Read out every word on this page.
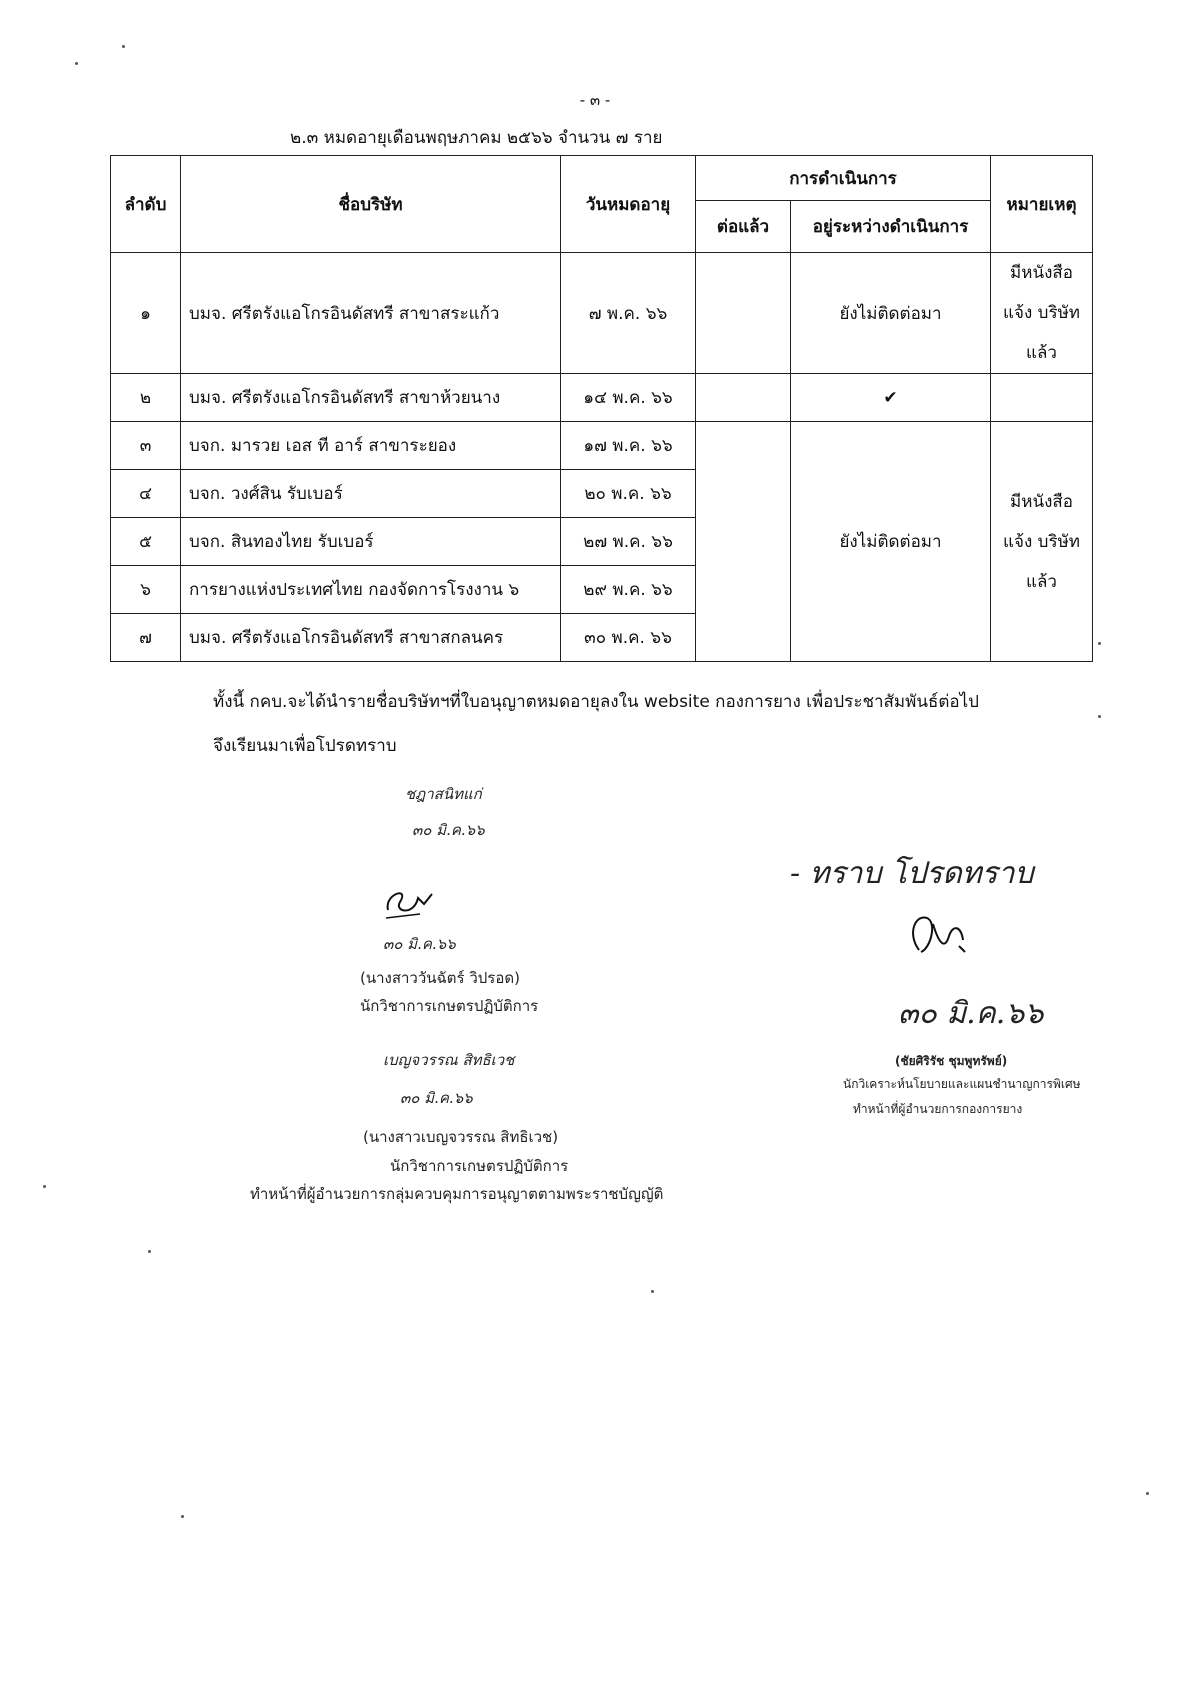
- ๓ -
๒.๓ หมดอายุเดือนพฤษภาคม ๒๕๖๖ จำนวน ๗ ราย
ลำดับ	ชื่อบริษัท	วันหมดอายุ	การดำเนินการ		หมายเหตุ
			ต่อแล้ว	อยู่ระหว่างดำเนินการ	
๑	บมจ. ศรีตรังแอโกรอินดัสทรี สาขาสระแก้ว	๗ พ.ค. ๖๖		ยังไม่ติดต่อมา	มีหนังสือแจ้ง บริษัทแล้ว
๒	บมจ. ศรีตรังแอโกรอินดัสทรี สาขาห้วยนาง	๑๔ พ.ค. ๖๖		✔	
๓	บจก. มารวย เอส ที อาร์ สาขาระยอง	๑๗ พ.ค. ๖๖		ยังไม่ติดต่อมา	มีหนังสือแจ้ง บริษัทแล้ว
๔	บจก. วงศ์สิน รับเบอร์	๒๐ พ.ค. ๖๖			
๕	บจก. สินทองไทย รับเบอร์	๒๗ พ.ค. ๖๖			
๖	การยางแห่งประเทศไทย กองจัดการโรงงาน ๖	๒๙ พ.ค. ๖๖			
๗	บมจ. ศรีตรังแอโกรอินดัสทรี สาขาสกลนคร	๓๐ พ.ค. ๖๖			
ทั้งนี้ กคบ.จะได้นำรายชื่อบริษัทฯที่ใบอนุญาตหมดอายุลงใน website กองการยาง เพื่อประชาสัมพันธ์ต่อไป
จึงเรียนมาเพื่อโปรดทราบ
ชฎาสนิทแก่
๓๐ มิ.ค.๖๖
๓๐ มิ.ค.๖๖
(นางสาววันฉัตร์ วิปรอด)
นักวิชาการเกษตรปฏิบัติการ
เบญจวรรณ สิทธิเวช
๓๐ มิ.ค.๖๖
(นางสาวเบญจวรรณ สิทธิเวช)
นักวิชาการเกษตรปฏิบัติการ
ทำหน้าที่ผู้อำนวยการกลุ่มควบคุมการอนุญาตตามพระราชบัญญัติ
- ทราบ โปรดทราบ
๓๐ มิ.ค.๖๖
(ชัยศิริรัช ชุมพูทรัพย์)
นักวิเคราะห์นโยบายและแผนชำนาญการพิเศษ
ทำหน้าที่ผู้อำนวยการกองการยาง
